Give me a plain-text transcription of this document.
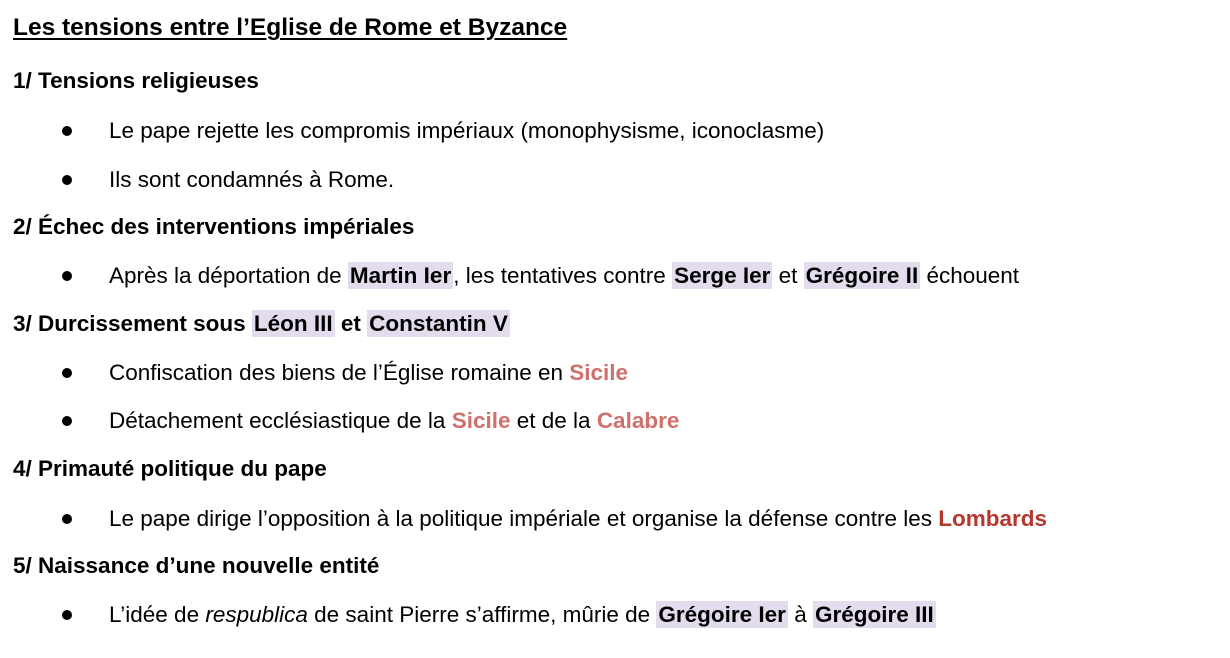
Les tensions entre l’Eglise de Rome et Byzance
1/ Tensions religieuses
Le pape rejette les compromis impériaux (monophysisme, iconoclasme)
Ils sont condamnés à Rome.
2/ Échec des interventions impériales
Après la déportation de Martin Ier, les tentatives contre Serge Ier et Grégoire II échouent
3/ Durcissement sous Léon III et Constantin V
Confiscation des biens de l’Église romaine en Sicile
Détachement ecclésiastique de la Sicile et de la Calabre
4/ Primauté politique du pape
Le pape dirige l’opposition à la politique impériale et organise la défense contre les Lombards
5/ Naissance d’une nouvelle entité
L’idée de respublica de saint Pierre s’affirme, mûrie de Grégoire Ier à Grégoire III
